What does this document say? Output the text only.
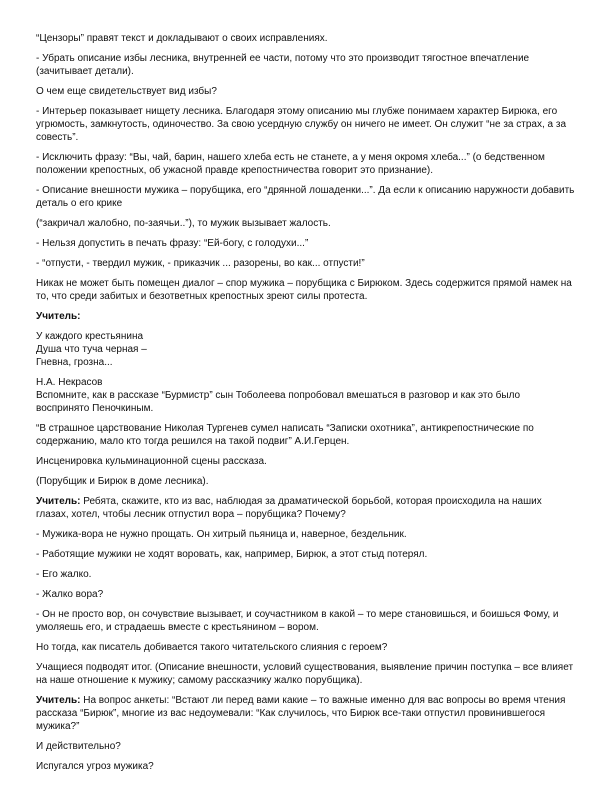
“Цензоры” правят текст и докладывают о своих исправлениях.
- Убрать описание избы лесника, внутренней ее части, потому что это производит тягостное впечатление (зачитывает детали).
О чем еще свидетельствует вид избы?
- Интерьер показывает нищету лесника. Благодаря этому описанию мы глубже понимаем характер Бирюка, его угрюмость, замкнутость, одиночество. За свою усердную службу он ничего не имеет. Он служит “не за страх, а за совесть”.
- Исключить фразу: “Вы, чай, барин, нашего хлеба есть не станете, а у меня окромя хлеба...” (о бедственном положении крепостных, об ужасной правде крепостничества говорит это признание).
- Описание внешности мужика – порубщика, его “дрянной лошаденки...”. Да если к описанию наружности добавить деталь о его крике
(“закричал жалобно, по-заячьи..”), то мужик вызывает жалость.
- Нельзя допустить в печать фразу: “Ей-богу, с голодухи...”
- “отпусти, - твердил мужик, - приказчик ... разорены, во как... отпусти!”
Никак не может быть помещен диалог – спор мужика – порубщика с Бирюком. Здесь содержится прямой намек на то, что среди забитых и безответных крепостных зреют силы протеста.
Учитель:
У каждого крестьянина
Душа что туча черная –
Гневна, грозна...
Н.А. Некрасов
Вспомните, как в рассказе “Бурмистр” сын Тоболеева попробовал вмешаться в разговор и как это было воспринято Пеночкиным.
“В страшное царствование Николая Тургенев сумел написать “Записки охотника”, антикрепостнические по содержанию, мало кто тогда решился на такой подвиг” А.И.Герцен.
Инсценировка кульминационной сцены рассказа.
(Порубщик и Бирюк в доме лесника).
Учитель: Ребята, скажите, кто из вас, наблюдая за драматической борьбой, которая происходила на наших глазах, хотел, чтобы лесник отпустил вора – порубщика? Почему?
- Мужика-вора не нужно прощать. Он хитрый пьяница и, наверное, бездельник.
- Работящие мужики не ходят воровать, как, например, Бирюк, а этот стыд потерял.
- Его жалко.
- Жалко вора?
- Он не просто вор, он сочувствие вызывает, и соучастником в какой – то мере становишься, и боишься Фому, и умоляешь его, и страдаешь вместе с крестьянином – вором.
Но тогда, как писатель добивается такого читательского слияния с героем?
Учащиеся подводят итог. (Описание внешности, условий существования, выявление причин поступка – все влияет на наше отношение к мужику; самому рассказчику жалко порубщика).
Учитель: На вопрос анкеты: “Встают ли перед вами какие – то важные именно для вас вопросы во время чтения рассказа “Бирюк”, многие из вас недоумевали: “Как случилось, что Бирюк все-таки отпустил провинившегося мужика?”
И действительно?
Испугался угроз мужика?
